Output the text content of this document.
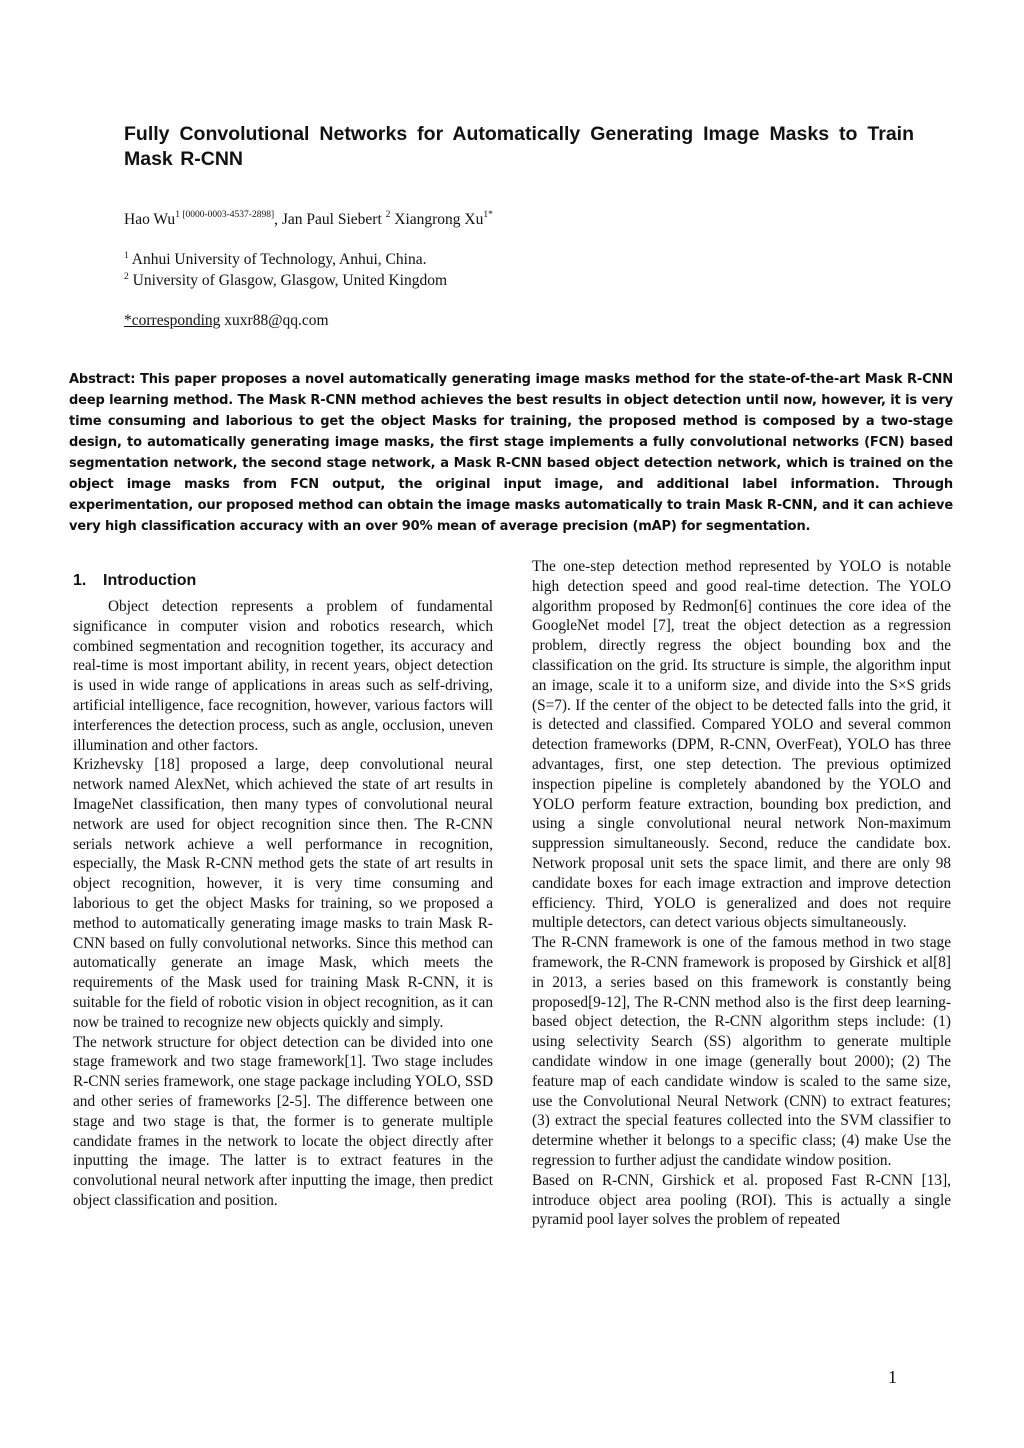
Fully Convolutional Networks for Automatically Generating Image Masks to Train Mask R-CNN
Hao $Wu^{1 [0000-0003-4537-2898]}$, Jan Paul Siebert $^2$ Xiangrong $Xu^{1*}$
$^1$ Anhui University of Technology, Anhui, China.
$^2$ University of Glasgow, Glasgow, United Kingdom
*corresponding xuxr88@qq.com

Abstract: This paper proposes a novel automatically generating image masks method for the state-of-the-art Mask R-CNN deep learning method. The Mask R-CNN method achieves the best results in object detection until now, however, it is very time consuming and laborious to get the object Masks for training, the proposed method is composed by a two-stage design, to automatically generating image masks, the first stage implements a fully convolutional networks (FCN) based segmentation network, the second stage network, a Mask R-CNN based object detection network, which is trained on the object image masks from FCN output, the original input image, and additional label information. Through experimentation, our proposed method can obtain the image masks automatically to train Mask R-CNN, and it can achieve very high classification accuracy with an over 90% mean of average precision (mAP) for segmentation.

1. Introduction

Object detection represents a problem of fundamental significance in computer vision and robotics research, which combined segmentation and recognition together, its accuracy and real-time is most important ability, in recent years, object detection is used in wide range of applications in areas such as self-driving, artificial intelligence, face recognition, however, various factors will interferences the detection process, such as angle, occlusion, uneven illumination and other factors.

Krizhevsky [18] proposed a large, deep convolutional neural network named AlexNet, which achieved the state of art results in ImageNet classification, then many types of convolutional neural network are used for object recognition since then. The R-CNN serials network achieve a well performance in recognition, especially, the Mask R-CNN method gets the state of art results in object recognition, however, it is very time consuming and laborious to get the object Masks for training, so we proposed a method to automatically generating image masks to train Mask R-CNN based on fully convolutional networks. Since this method can automatically generate an image Mask, which meets the requirements of the Mask used for training Mask R-CNN, it is suitable for the field of robotic vision in object recognition, as it can now be trained to recognize new objects quickly and simply.

The network structure for object detection can be divided into one stage framework and two stage framework[1]. Two stage includes R-CNN series framework, one stage package including YOLO, SSD and other series of frameworks [2-5]. The difference between one stage and two stage is that, the former is to generate multiple candidate frames in the network to locate the object directly after inputting the image. The latter is to extract features in the convolutional neural network after inputting the image, then predict object classification and position.

The one-step detection method represented by YOLO is notable high detection speed and good real-time detection. The YOLO algorithm proposed by Redmon[6] continues the core idea of the GoogleNet model [7], treat the object detection as a regression problem, directly regress the object bounding box and the classification on the grid. Its structure is simple, the algorithm input an image, scale it to a uniform size, and divide into the S×S grids (S=7). If the center of the object to be detected falls into the grid, it is detected and classified. Compared YOLO and several common detection frameworks (DPM, R-CNN, OverFeat), YOLO has three advantages, first, one step detection. The previous optimized inspection pipeline is completely abandoned by the YOLO and YOLO perform feature extraction, bounding box prediction, and using a single convolutional neural network Non-maximum suppression simultaneously. Second, reduce the candidate box. Network proposal unit sets the space limit, and there are only 98 candidate boxes for each image extraction and improve detection efficiency. Third, YOLO is generalized and does not require multiple detectors, can detect various objects simultaneously.

The R-CNN framework is one of the famous method in two stage framework, the R-CNN framework is proposed by Girshick et al[8] in 2013, a series based on this framework is constantly being proposed[9-12], The R-CNN method also is the first deep learning-based object detection, the R-CNN algorithm steps include: (1) using selectivity Search (SS) algorithm to generate multiple candidate window in one image (generally bout 2000); (2) The feature map of each candidate window is scaled to the same size, use the Convolutional Neural Network (CNN) to extract features; (3) extract the special features collected into the SVM classifier to determine whether it belongs to a specific class; (4) make Use the regression to further adjust the candidate window position.

Based on R-CNN, Girshick et al. proposed Fast R-CNN [13], introduce object area pooling (ROI). This is actually a single pyramid pool layer solves the problem of repeated

1
